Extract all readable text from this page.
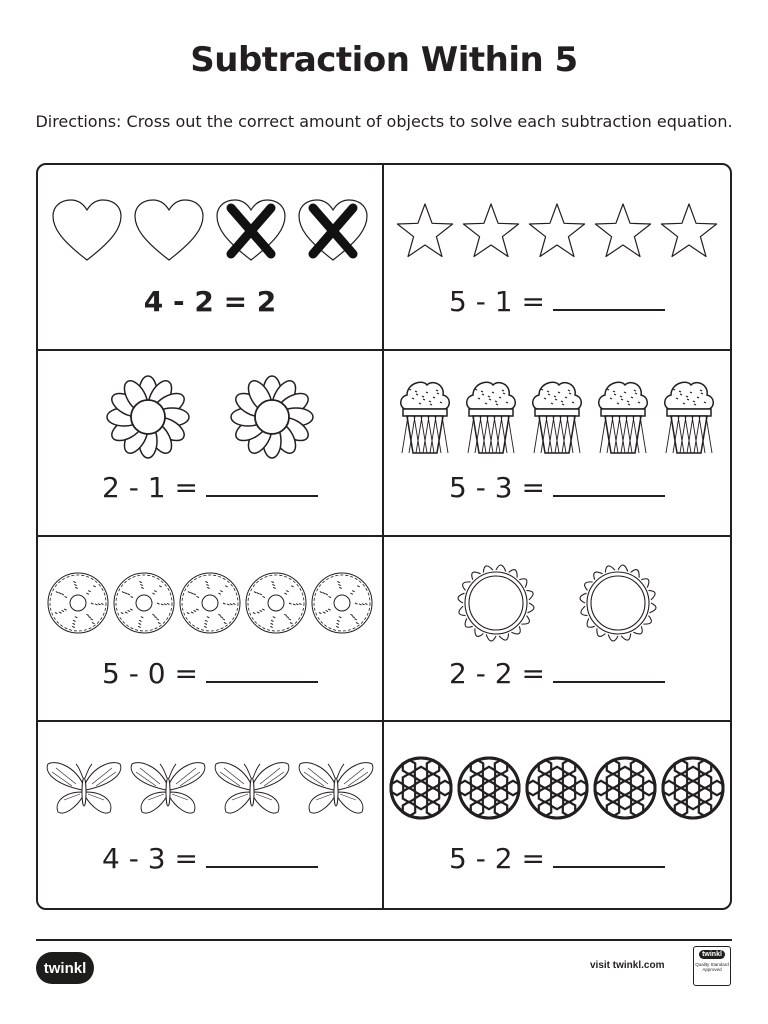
Subtraction Within 5
Directions: Cross out the correct amount of objects to solve each subtraction equation.
4 - 2 = 2	5 - 1 =
2 - 1 =	5 - 3 =
5 - 0 =	2 - 2 =
4 - 3 =	5 - 2 =
twinkl	visit twinkl.com
twinkl
Quality Standard Approved
